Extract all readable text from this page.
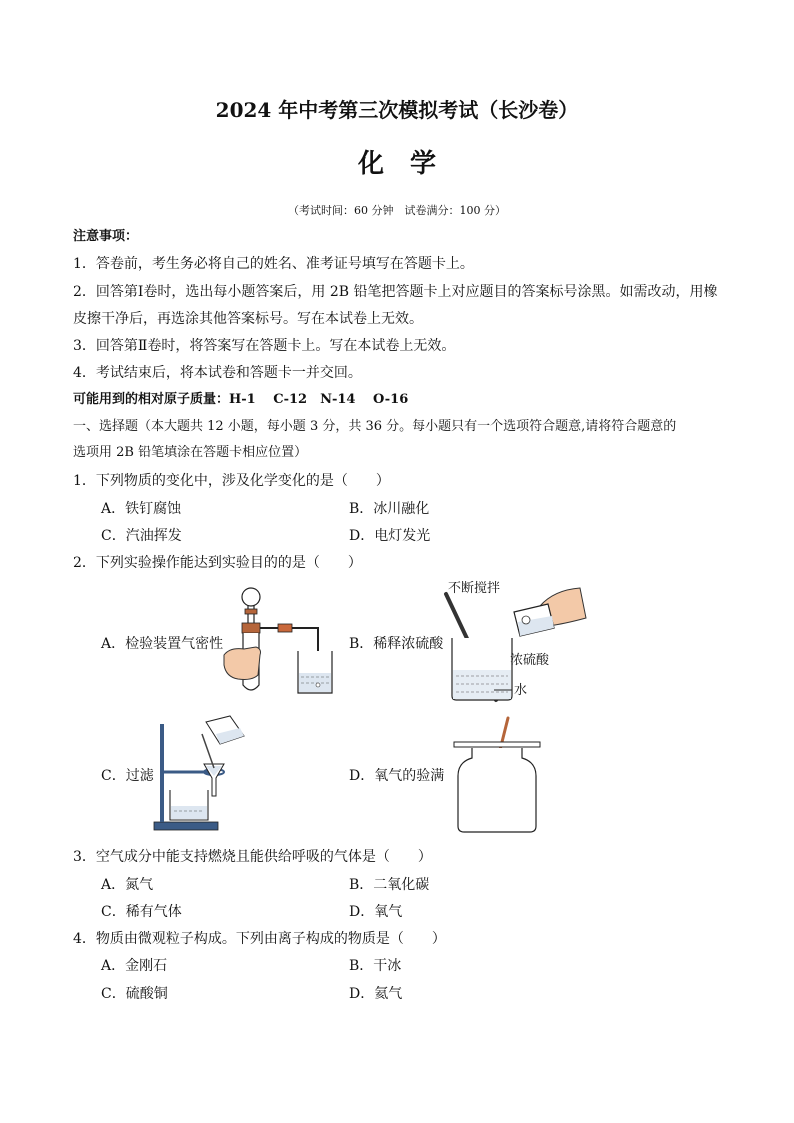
2024 年中考第三次模拟考试（长沙卷）
化　学
（考试时间：60 分钟　试卷满分：100 分）
注意事项：
1．答卷前，考生务必将自己的姓名、准考证号填写在答题卡上。
2．回答第Ⅰ卷时，选出每小题答案后，用 2B 铅笔把答题卡上对应题目的答案标号涂黑。如需改动，用橡
皮擦干净后，再选涂其他答案标号。写在本试卷上无效。
3．回答第Ⅱ卷时，将答案写在答题卡上。写在本试卷上无效。
4．考试结束后，将本试卷和答题卡一并交回。
可能用到的相对原子质量：H-1　 C-12　N-14　 O-16
一、选择题（本大题共 12 小题，每小题 3 分，共 36 分。每小题只有一个选项符合题意,请将符合题意的
选项用 2B 铅笔填涂在答题卡相应位置）
1．下列物质的变化中，涉及化学变化的是（　　）
A．铁钉腐蚀	B．冰川融化
C．汽油挥发	D．电灯发光
2．下列实验操作能达到实验目的的是（　　）
A．检验装置气密性	B．稀释浓硫酸
C．过滤	D．氧气的验满
不断搅拌
浓硫酸
水
3．空气成分中能支持燃烧且能供给呼吸的气体是（　　）
A．氮气	B．二氧化碳
C．稀有气体	D．氧气
4．物质由微观粒子构成。下列由离子构成的物质是（　　）
A．金刚石	B．干冰
C．硫酸铜	D．氦气
